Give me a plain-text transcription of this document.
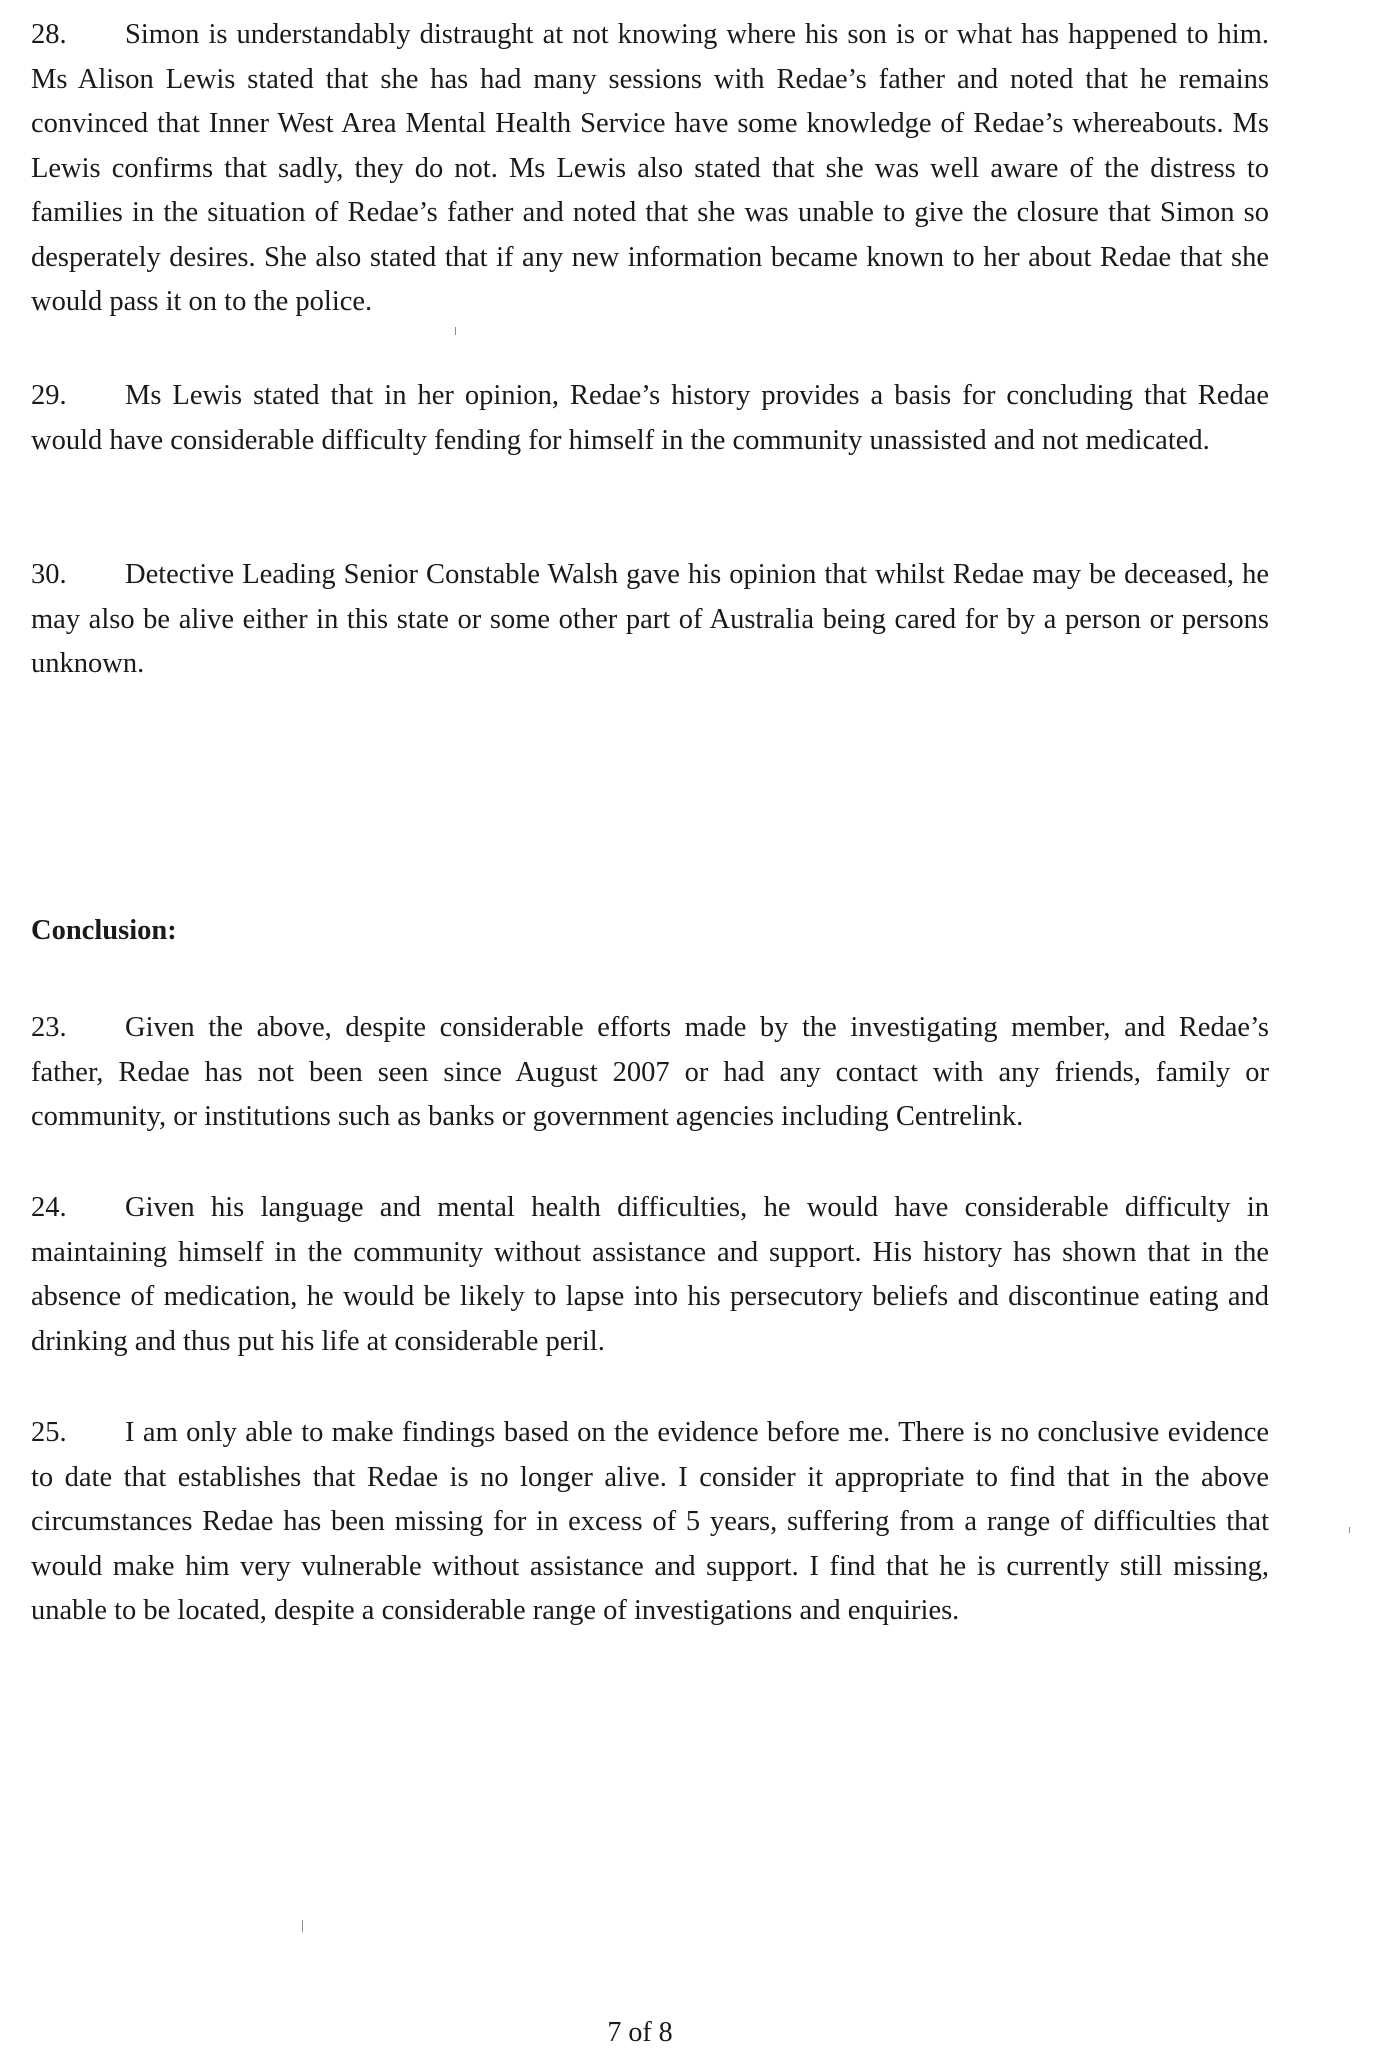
28. Simon is understandably distraught at not knowing where his son is or what has happened to him. Ms Alison Lewis stated that she has had many sessions with Redae’s father and noted that he remains convinced that Inner West Area Mental Health Service have some knowledge of Redae’s whereabouts. Ms Lewis confirms that sadly, they do not. Ms Lewis also stated that she was well aware of the distress to families in the situation of Redae’s father and noted that she was unable to give the closure that Simon so desperately desires. She also stated that if any new information became known to her about Redae that she would pass it on to the police.

29. Ms Lewis stated that in her opinion, Redae’s history provides a basis for concluding that Redae would have considerable difficulty fending for himself in the community unassisted and not medicated.

30. Detective Leading Senior Constable Walsh gave his opinion that whilst Redae may be deceased, he may also be alive either in this state or some other part of Australia being cared for by a person or persons unknown.

Conclusion:

23. Given the above, despite considerable efforts made by the investigating member, and Redae’s father, Redae has not been seen since August 2007 or had any contact with any friends, family or community, or institutions such as banks or government agencies including Centrelink.

24. Given his language and mental health difficulties, he would have considerable difficulty in maintaining himself in the community without assistance and support. His history has shown that in the absence of medication, he would be likely to lapse into his persecutory beliefs and discontinue eating and drinking and thus put his life at considerable peril.

25. I am only able to make findings based on the evidence before me. There is no conclusive evidence to date that establishes that Redae is no longer alive. I consider it appropriate to find that in the above circumstances Redae has been missing for in excess of 5 years, suffering from a range of difficulties that would make him very vulnerable without assistance and support. I find that he is currently still missing, unable to be located, despite a considerable range of investigations and enquiries.

7 of 8
